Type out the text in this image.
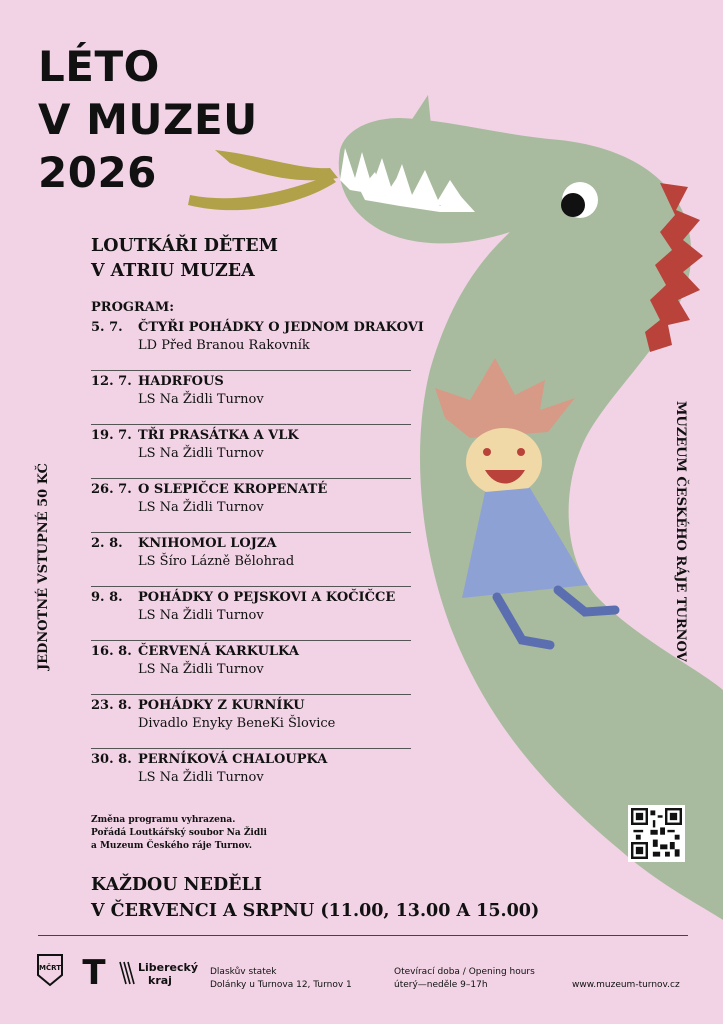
LÉTO
V MUZEU
2026
LOUTKÁŘI DĚTEM
V ATRIU MUZEA
PROGRAM:
5. 7. ČTYŘI POHÁDKY O JEDNOM DRAKOVI
LD Před Branou Rakovník
12. 7. HADRFOUS
LS Na Židli Turnov
19. 7. TŘI PRASÁTKA A VLK
LS Na Židli Turnov
26. 7. O SLEPIČCE KROPENATÉ
LS Na Židli Turnov
2. 8. KNIHOMOL LOJZA
LS Šíro Lázně Bělohrad
9. 8. POHÁDKY O PEJSKOVI A KOČIČCE
LS Na Židli Turnov
16. 8. ČERVENÁ KARKULKA
LS Na Židli Turnov
23. 8. POHÁDKY Z KURNÍKU
Divadlo Enyky BeneKi Šlovice
30. 8. PERNÍKOVÁ CHALOUPKA
LS Na Židli Turnov
Změna programu vyhrazena.
Pořádá Loutkářský soubor Na Židli
a Muzeum Českého ráje Turnov.
KAŽDOU NEDĚLI
V ČERVENCI A SRPNU (11.00, 13.00 A 15.00)
JEDNOTNÉ VSTUPNÉ 50 KČ	MUZEUM ČESKÉHO RÁJE TURNOV
MČRT T	Liberecký
kraj
Dlaskův statek
Dolánky u Turnova 12, Turnov 1
Otevírací doba / Opening hours
úterý—neděle 9–17h	www.muzeum-turnov.cz
